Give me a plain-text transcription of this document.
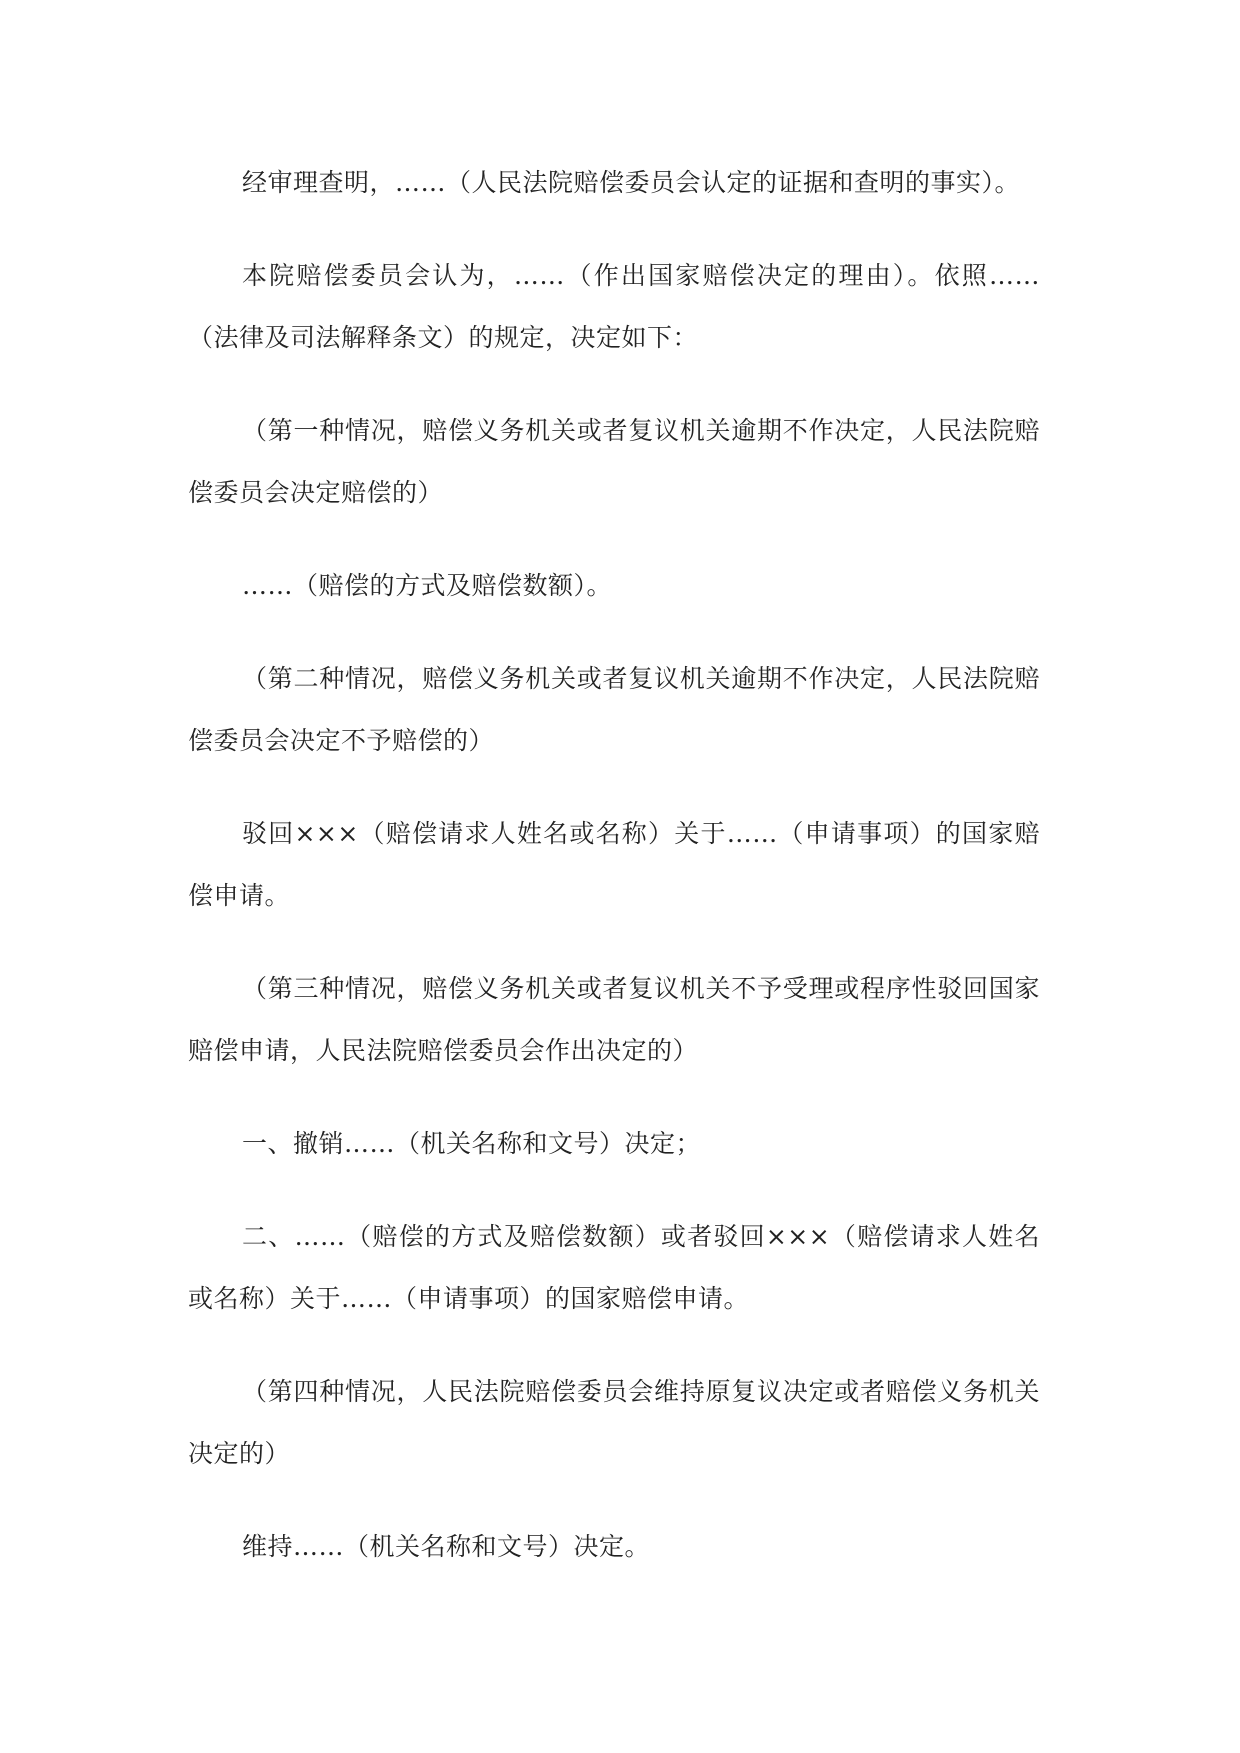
经审理查明，……（人民法院赔偿委员会认定的证据和查明的事实）。

本院赔偿委员会认为，……（作出国家赔偿决定的理由）。依照……（法律及司法解释条文）的规定，决定如下：

（第一种情况，赔偿义务机关或者复议机关逾期不作决定，人民法院赔偿委员会决定赔偿的）

……（赔偿的方式及赔偿数额）。

（第二种情况，赔偿义务机关或者复议机关逾期不作决定，人民法院赔偿委员会决定不予赔偿的）

驳回×××（赔偿请求人姓名或名称）关于……（申请事项）的国家赔偿申请。

（第三种情况，赔偿义务机关或者复议机关不予受理或程序性驳回国家赔偿申请，人民法院赔偿委员会作出决定的）

一、撤销……（机关名称和文号）决定；

二、……（赔偿的方式及赔偿数额）或者驳回×××（赔偿请求人姓名或名称）关于……（申请事项）的国家赔偿申请。

（第四种情况，人民法院赔偿委员会维持原复议决定或者赔偿义务机关决定的）

维持……（机关名称和文号）决定。
